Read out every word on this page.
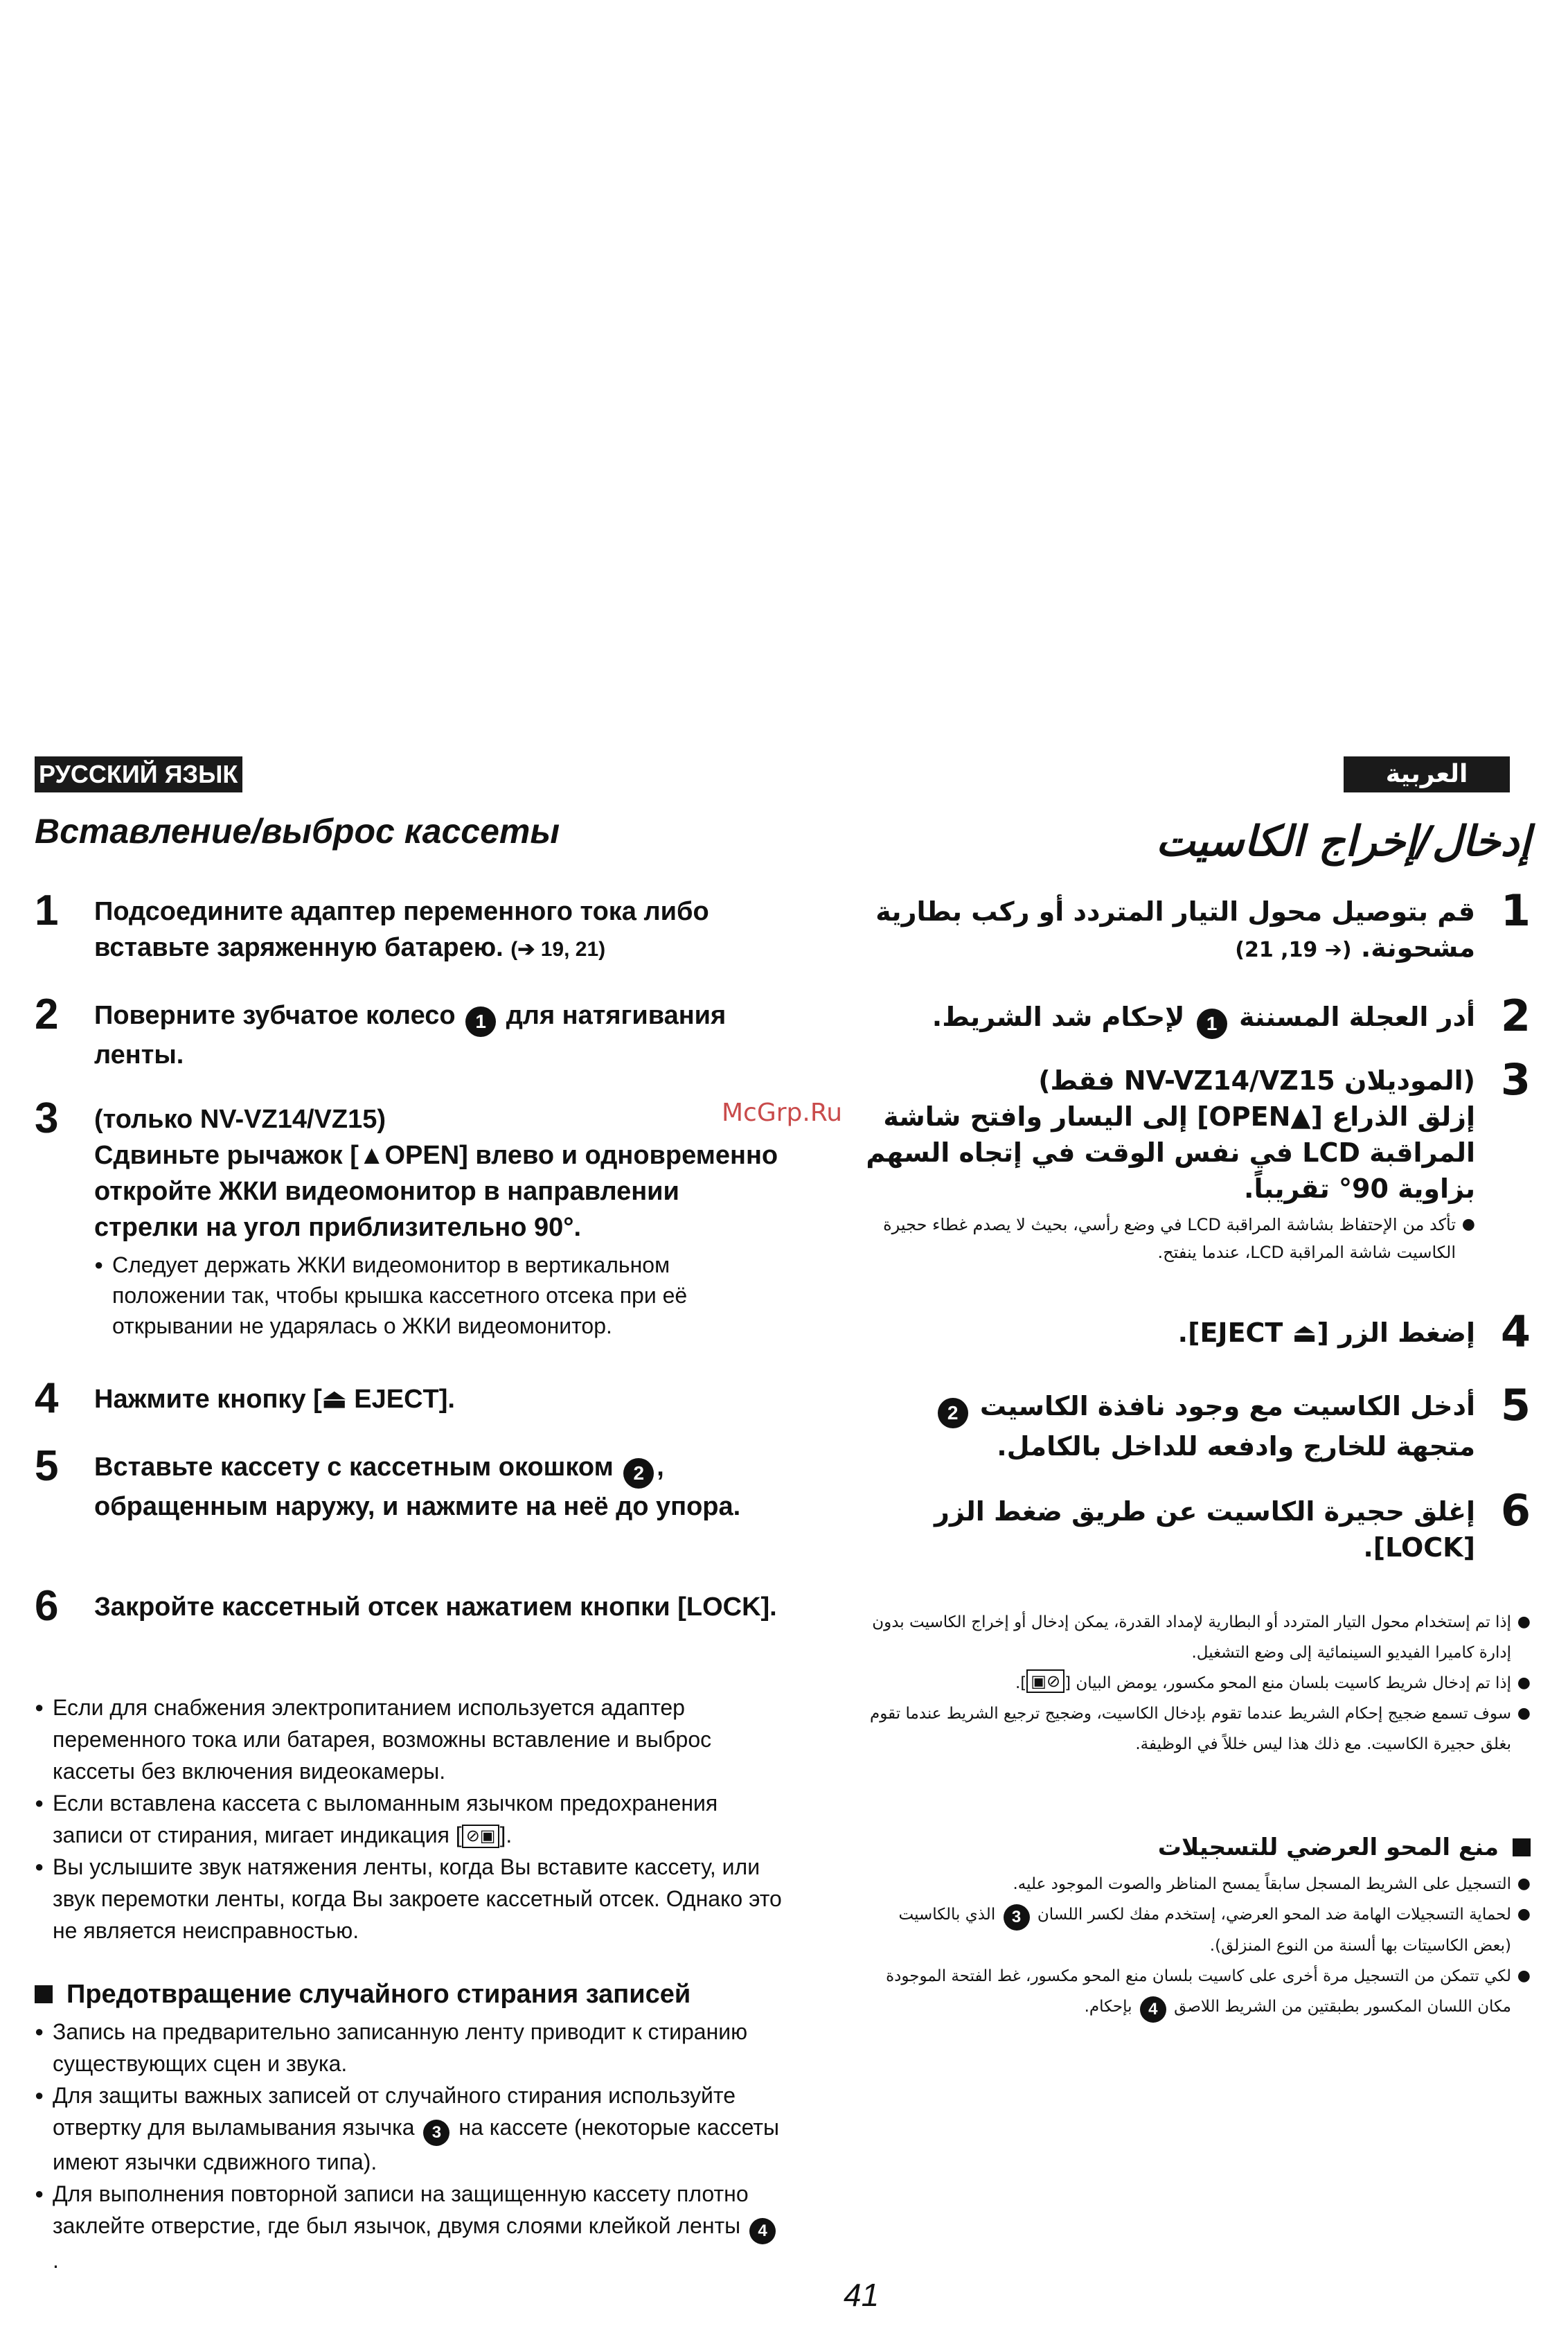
РУССКИЙ ЯЗЫК	العربية
McGrp.Ru
Вставление/выброс кассеты
1 Подсоедините адаптер переменного тока либо вставьте заряженную батарею. (➔ 19, 21)
2 Поверните зубчатое колесо 1 для натягивания ленты.
3 (только NV-VZ14/VZ15)
Сдвиньте рычажок [▲OPEN] влево и одновременно откройте ЖКИ видеомонитор в направлении стрелки на угол приблизительно 90°.
● Следует держать ЖКИ видеомонитор в вертикальном положении так, чтобы крышка кассетного отсека при её открывании не ударялась о ЖКИ видеомонитор.
4 Нажмите кнопку [⏏ EJECT].
5 Вставьте кассету с кассетным окошком 2 , обращенным наружу, и нажмите на неё до упора.
6 Закройте кассетный отсек нажатием кнопки [LOCK].
● Если для снабжения электропитанием используется адаптер переменного тока или батарея, возможны вставление и выброс кассеты без включения видеокамеры.
● Если вставлена кассета с выломанным язычком предохранения записи от стирания, мигает индикация [ ⊘▣ ].
● Вы услышите звук натяжения ленты, когда Вы вставите кассету, или звук перемотки ленты, когда Вы закроете кассетный отсек. Однако это не является неисправностью.
Предотвращение случайного стирания записей
● Запись на предварительно записанную ленту приводит к стиранию существующих сцен и звука.
● Для защиты важных записей от случайного стирания используйте отвертку для выламывания язычка 3 на кассете (некоторые кассеты имеют язычки сдвижного типа).
● Для выполнения повторной записи на защищенную кассету плотно заклейте отверстие, где был язычок, двумя слоями клейкой ленты 4.
إدخال/إخراج الكاسيت
1
قم بتوصيل محول التيار المتردد أو ركب بطارية مشحونة. (➔ 19, 21)
2
أدر العجلة المسننة 1 لإحكام شد الشريط.
3
(الموديلان NV-VZ14/VZ15 فقط)
إزلق الذراع [▲OPEN] إلى اليسار وافتح شاشة المراقبة LCD في نفس الوقت في إتجاه السهم بزاوية 90° تقريباً.
● تأكد من الإحتفاظ بشاشة المراقبة LCD في وضع رأسي، بحيث لا يصدم غطاء حجيرة الكاسيت شاشة المراقبة LCD، عندما ينفتح.
4
إضغط الزر [⏏ EJECT].
5
أدخل الكاسيت مع وجود نافذة الكاسيت 2 متجهة للخارج وادفعه للداخل بالكامل.
6
إغلق حجيرة الكاسيت عن طريق ضغط الزر [LOCK].
● إذا تم إستخدام محول التيار المتردد أو البطارية لإمداد القدرة، يمكن إدخال أو إخراج الكاسيت بدون إدارة كاميرا الفيديو السينمائية إلى وضع التشغيل.
● إذا تم إدخال شريط كاسيت بلسان منع المحو مكسور، يومض البيان [⊘▣].
● سوف تسمع ضجيج إحكام الشريط عندما تقوم بإدخال الكاسيت، وضجيج ترجيع الشريط عندما تقوم بغلق حجيرة الكاسيت. مع ذلك هذا ليس خللاً في الوظيفة.
منع المحو العرضي للتسجيلات
● التسجيل على الشريط المسجل سابقاً يمسح المناظر والصوت الموجود عليه.
● لحماية التسجيلات الهامة ضد المحو العرضي، إستخدم مفك لكسر اللسان 3 الذي بالكاسيت (بعض الكاسيتات بها ألسنة من النوع المنزلق).
● لكي تتمكن من التسجيل مرة أخرى على كاسيت بلسان منع المحو مكسور، غط الفتحة الموجودة مكان اللسان المكسور بطبقتين من الشريط اللاصق 4 بإحكام.
41
